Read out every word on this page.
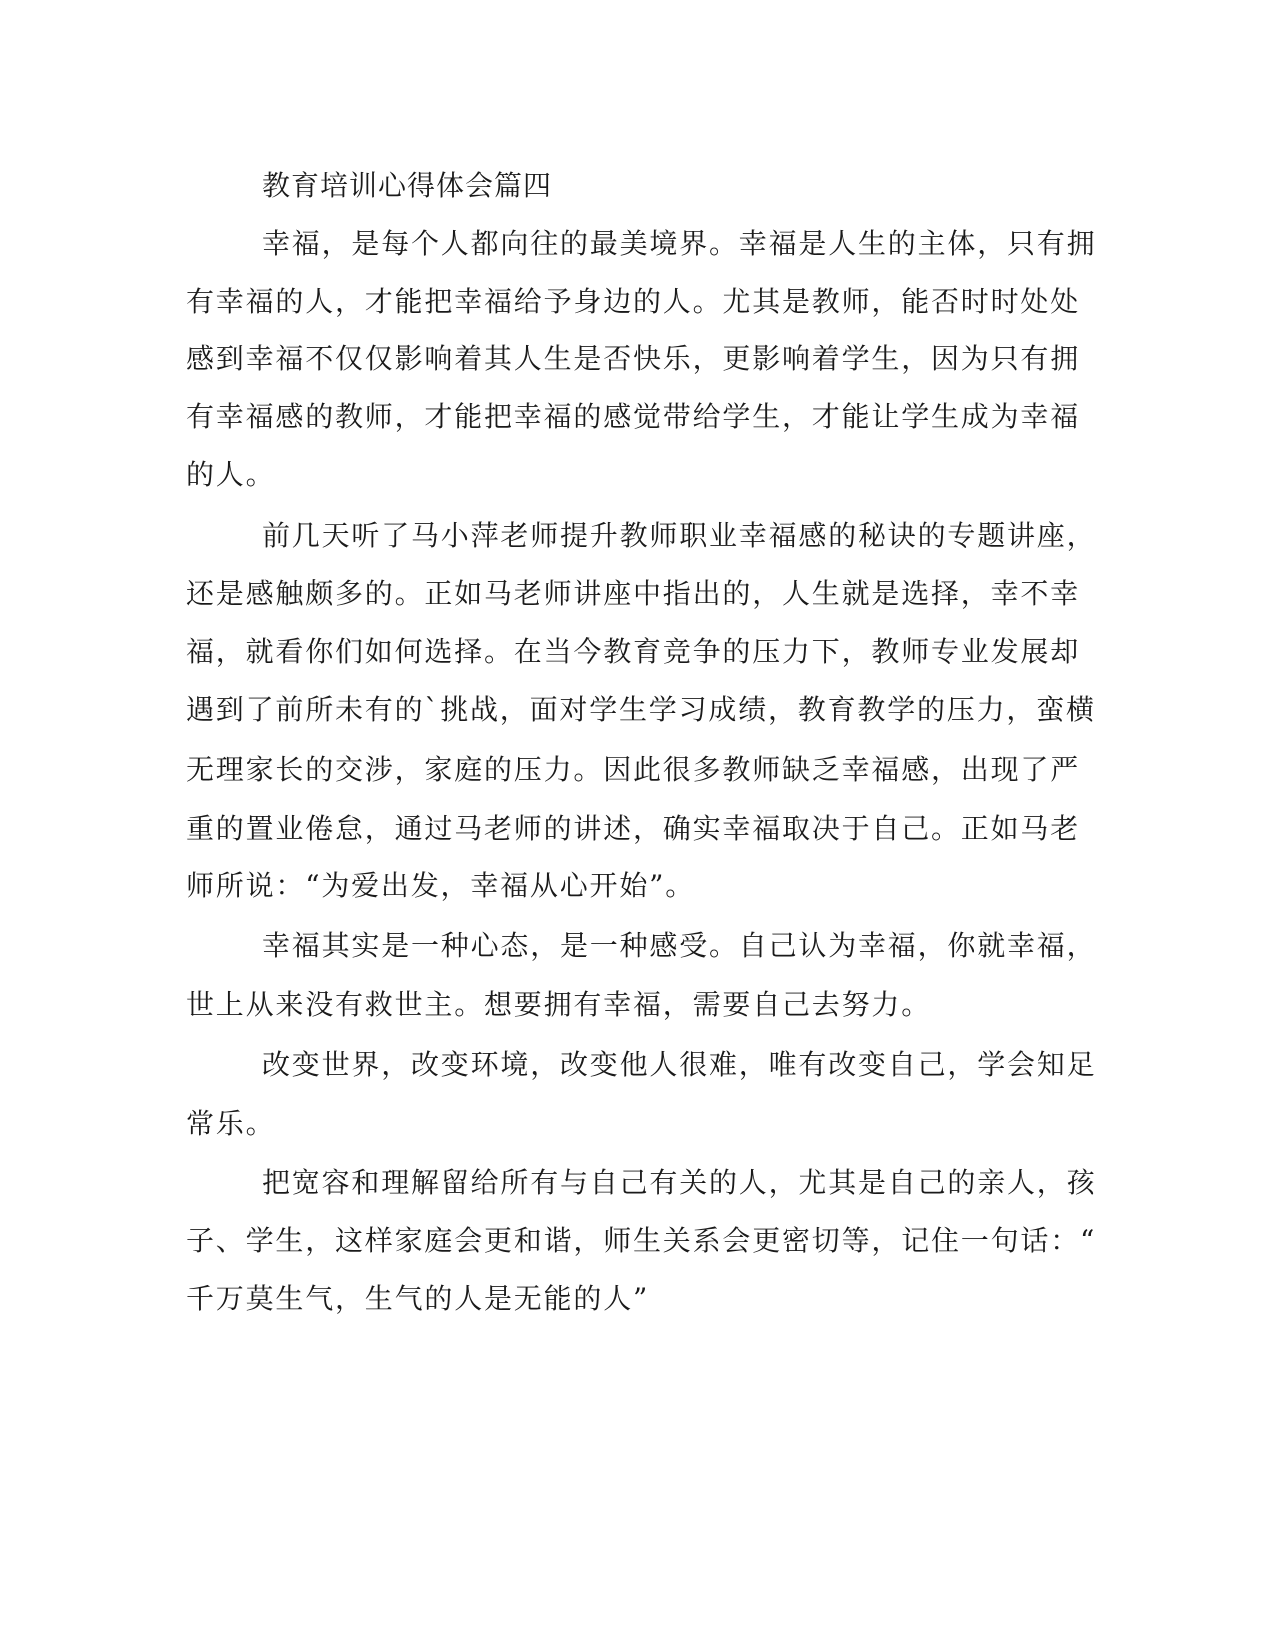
教育培训心得体会篇四
幸福，是每个人都向往的最美境界。幸福是人生的主体，只有拥
有幸福的人，才能把幸福给予身边的人。尤其是教师，能否时时处处
感到幸福不仅仅影响着其人生是否快乐，更影响着学生，因为只有拥
有幸福感的教师，才能把幸福的感觉带给学生，才能让学生成为幸福
的人。
前几天听了马小萍老师提升教师职业幸福感的秘诀的专题讲座，
还是感触颇多的。正如马老师讲座中指出的，人生就是选择，幸不幸
福，就看你们如何选择。在当今教育竞争的压力下，教师专业发展却
遇到了前所未有的`挑战，面对学生学习成绩，教育教学的压力，蛮横
无理家长的交涉，家庭的压力。因此很多教师缺乏幸福感，出现了严
重的置业倦怠，通过马老师的讲述，确实幸福取决于自己。正如马老
师所说：“为爱出发，幸福从心开始”。
幸福其实是一种心态，是一种感受。自己认为幸福，你就幸福，
世上从来没有救世主。想要拥有幸福，需要自己去努力。
改变世界，改变环境，改变他人很难，唯有改变自己，学会知足
常乐。
把宽容和理解留给所有与自己有关的人，尤其是自己的亲人，孩
子、学生，这样家庭会更和谐，师生关系会更密切等，记住一句话：“
千万莫生气，生气的人是无能的人”
